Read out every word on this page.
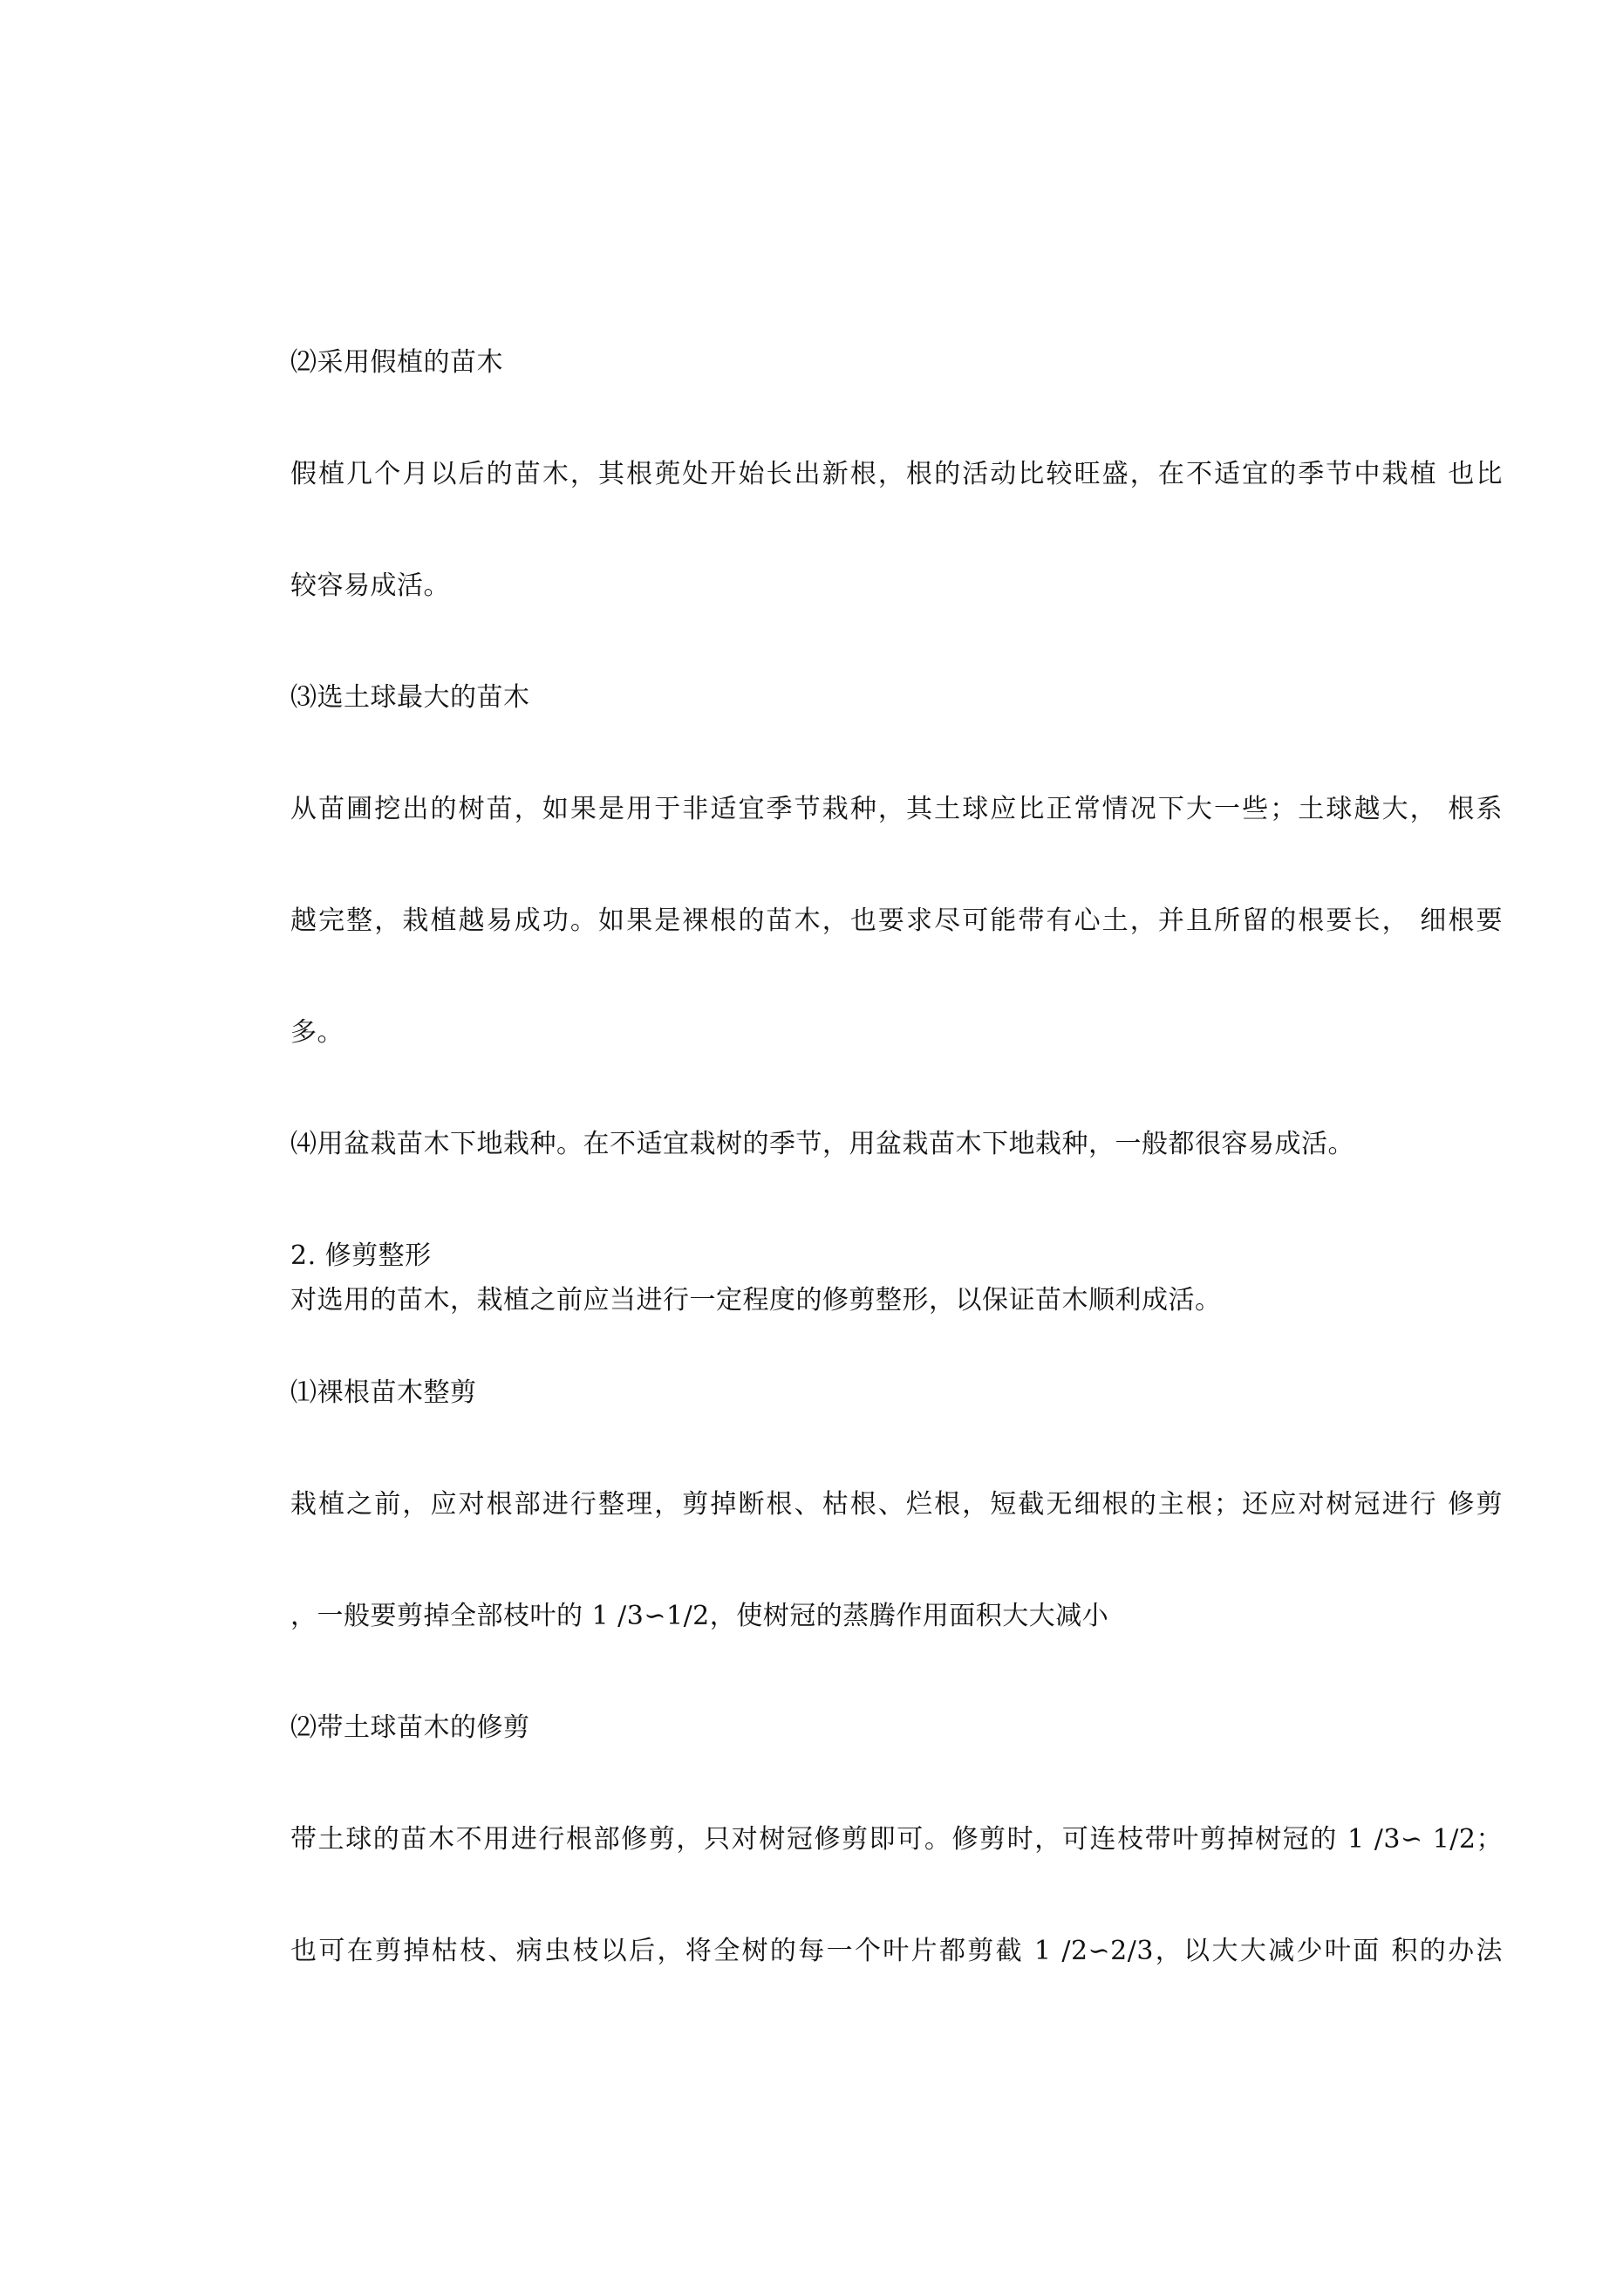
⑵采用假植的苗木
假植几个月以后的苗木，其根蔸处开始长出新根，根的活动比较旺盛，在不适宜的季节中栽植 也比
较容易成活。
⑶选土球最大的苗木
从苗圃挖出的树苗，如果是用于非适宜季节栽种，其土球应比正常情况下大一些；土球越大， 根系
越完整，栽植越易成功。如果是裸根的苗木，也要求尽可能带有心土，并且所留的根要长， 细根要
多。
⑷用盆栽苗木下地栽种。在不适宜栽树的季节，用盆栽苗木下地栽种，一般都很容易成活。
2. 修剪整形
对选用的苗木，栽植之前应当进行一定程度的修剪整形，以保证苗木顺利成活。
⑴裸根苗木整剪
栽植之前，应对根部进行整理，剪掉断根、枯根、烂根，短截无细根的主根；还应对树冠进行 修剪
，一般要剪掉全部枝叶的 1 /3∽1/2，使树冠的蒸腾作用面积大大减小
⑵带土球苗木的修剪
带土球的苗木不用进行根部修剪，只对树冠修剪即可。修剪时，可连枝带叶剪掉树冠的 1 /3∽ 1/2；
也可在剪掉枯枝、病虫枝以后，将全树的每一个叶片都剪截 1 /2∽2/3，以大大减少叶面 积的办法
